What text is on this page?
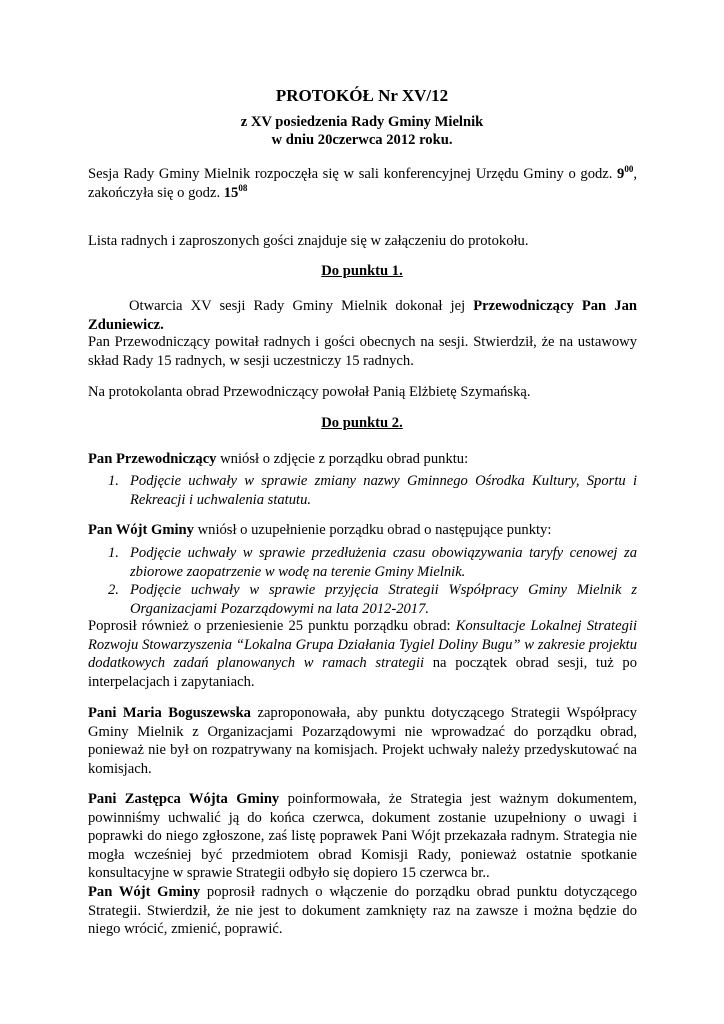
PROTOKÓŁ Nr XV/12
z XV posiedzenia Rady Gminy Mielnik
w dniu 20czerwca 2012 roku.
Sesja Rady Gminy Mielnik rozpoczęła się w sali konferencyjnej Urzędu Gminy o godz. $9^{00}$, zakończyła się o godz. $15^{08}$
Lista radnych i zaproszonych gości znajduje się w załączeniu do protokołu.
Do punktu 1.
Otwarcia XV sesji Rady Gminy Mielnik dokonał jej Przewodniczący Pan Jan Zduniewicz.
Pan Przewodniczący powitał radnych i gości obecnych na sesji. Stwierdził, że na ustawowy skład Rady 15 radnych, w sesji uczestniczy 15 radnych.
Na protokolanta obrad Przewodniczący powołał Panią Elżbietę Szymańską.
Do punktu 2.
Pan Przewodniczący wniósł o zdjęcie z porządku obrad punktu:
1. Podjęcie uchwały w sprawie zmiany nazwy Gminnego Ośrodka Kultury, Sportu i Rekreacji i uchwalenia statutu.
Pan Wójt Gminy wniósł o uzupełnienie porządku obrad o następujące punkty:
1. Podjęcie uchwały w sprawie przedłużenia czasu obowiązywania taryfy cenowej za zbiorowe zaopatrzenie w wodę na terenie Gminy Mielnik.
2. Podjęcie uchwały w sprawie przyjęcia Strategii Współpracy Gminy Mielnik z Organizacjami Pozarządowymi na lata 2012-2017.
Poprosił również o przeniesienie 25 punktu porządku obrad: Konsultacje Lokalnej Strategii Rozwoju Stowarzyszenia “Lokalna Grupa Działania Tygiel Doliny Bugu” w zakresie projektu dodatkowych zadań planowanych w ramach strategii na początek obrad sesji, tuż po interpelacjach i zapytaniach.
Pani Maria Boguszewska zaproponowała, aby punktu dotyczącego Strategii Współpracy Gminy Mielnik z Organizacjami Pozarządowymi nie wprowadzać do porządku obrad, ponieważ nie był on rozpatrywany na komisjach. Projekt uchwały należy przedyskutować na komisjach.
Pani Zastępca Wójta Gminy poinformowała, że Strategia jest ważnym dokumentem, powinniśmy uchwalić ją do końca czerwca, dokument zostanie uzupełniony o uwagi i poprawki do niego zgłoszone, zaś listę poprawek Pani Wójt przekazała radnym. Strategia nie mogła wcześniej być przedmiotem obrad Komisji Rady, ponieważ ostatnie spotkanie konsultacyjne w sprawie Strategii odbyło się dopiero 15 czerwca br..
Pan Wójt Gminy poprosił radnych o włączenie do porządku obrad punktu dotyczącego Strategii. Stwierdził, że nie jest to dokument zamknięty raz na zawsze i można będzie do niego wrócić, zmienić, poprawić.
